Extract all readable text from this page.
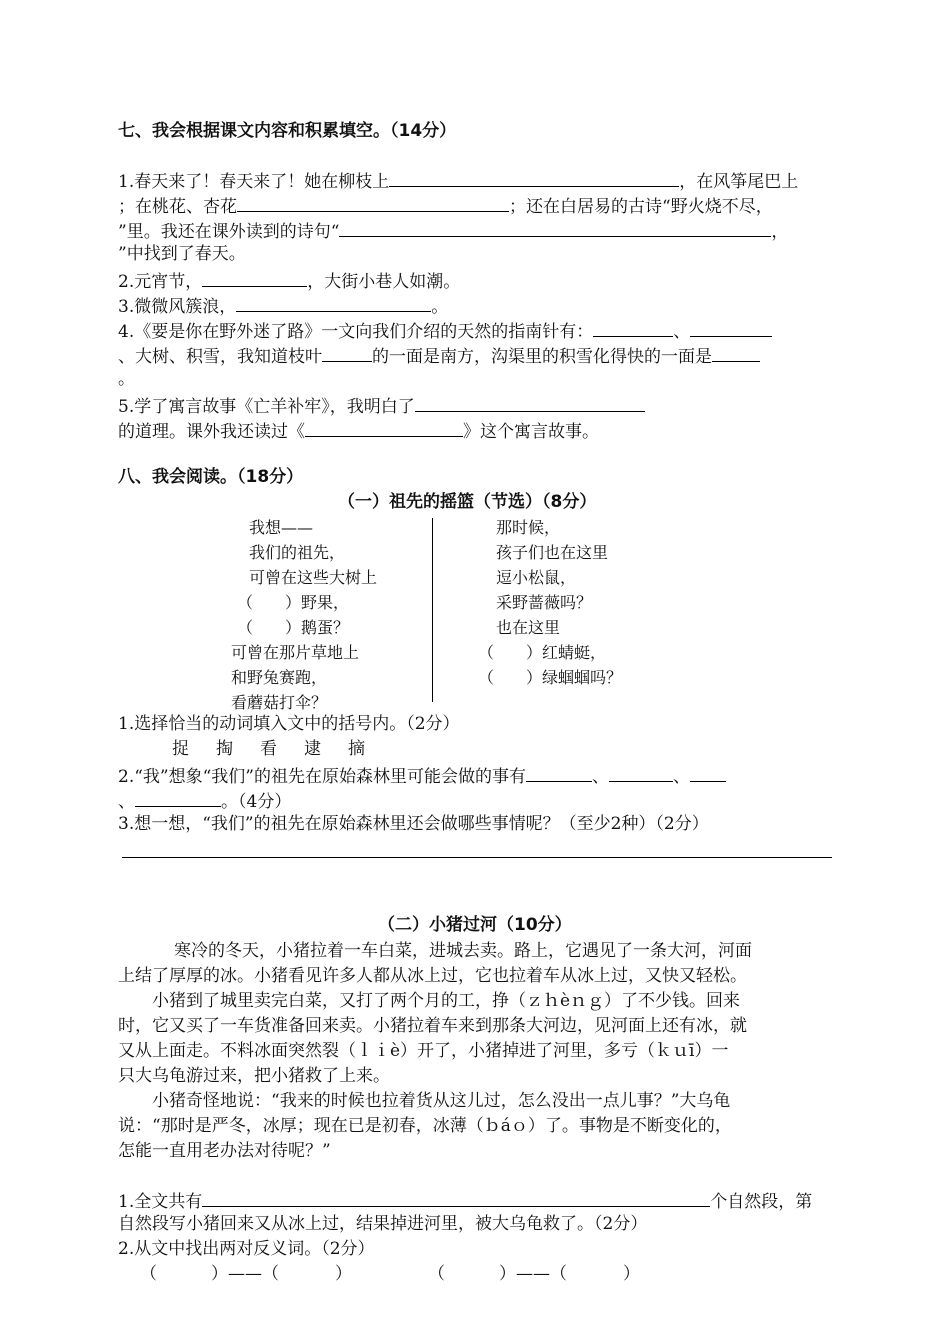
七、我会根据课文内容和积累填空。（14分）
1.春天来了！春天来了！她在柳枝上	，在风筝尾巴上
；在桃花、杏花	；还在白居易的古诗“野火烧不尽，
”里。我还在课外读到的诗句“	，
”中找到了春天。
2.元宵节，	，大街小巷人如潮。
3.微微风簇浪，	。
4.《要是你在野外迷了路》一文向我们介绍的天然的指南针有：	、
、大树、积雪，我知道枝叶	的一面是南方，沟渠里的积雪化得快的一面是
。
5.学了寓言故事《亡羊补牢》，我明白了
的道理。课外我还读过《	》这个寓言故事。
八、我会阅读。（18分）
（一）祖先的摇篮（节选）（8分）
我想——
我们的祖先，
可曾在这些大树上
（　　）野果，
（　　）鹅蛋？
可曾在那片草地上
和野兔赛跑，
看蘑菇打伞？
那时候，
孩子们也在这里
逗小松鼠，
采野蔷薇吗？
也在这里
（　　）红蜻蜓，
（　　）绿蝈蝈吗？
1.选择恰当的动词填入文中的括号内。（2分）
捉 掏 看 逮 摘
2.“我”想象“我们”的祖先在原始森林里可能会做的事有	、	、
、	。（4分）
3.想一想，“我们”的祖先在原始森林里还会做哪些事情呢？（至少2种）（2分）
（二）小猪过河（10分）
寒冷的冬天，小猪拉着一车白菜，进城去卖。路上，它遇见了一条大河，河面
上结了厚厚的冰。小猪看见许多人都从冰上过，它也拉着车从冰上过，又快又轻松。
小猪到了城里卖完白菜，又打了两个月的工，挣（ｚｈèｎｇ）了不少钱。回来
时，它又买了一车货准备回来卖。小猪拉着车来到那条大河边，见河面上还有冰，就
又从上面走。不料冰面突然裂（ｌｉè）开了，小猪掉进了河里，多亏（ｋｕī）一
只大乌龟游过来，把小猪救了上来。
小猪奇怪地说：“我来的时候也拉着货从这儿过，怎么没出一点儿事？”大乌龟
说：“那时是严冬，冰厚；现在已是初春，冰薄（ｂáｏ）了。事物是不断变化的，
怎能一直用老办法对待呢？”
1.全文共有	个自然段，第
自然段写小猪回来又从冰上过，结果掉进河里，被大乌龟救了。（2分）
2.从文中找出两对反义词。（2分）
（	）——（	）	（	）——（	）
